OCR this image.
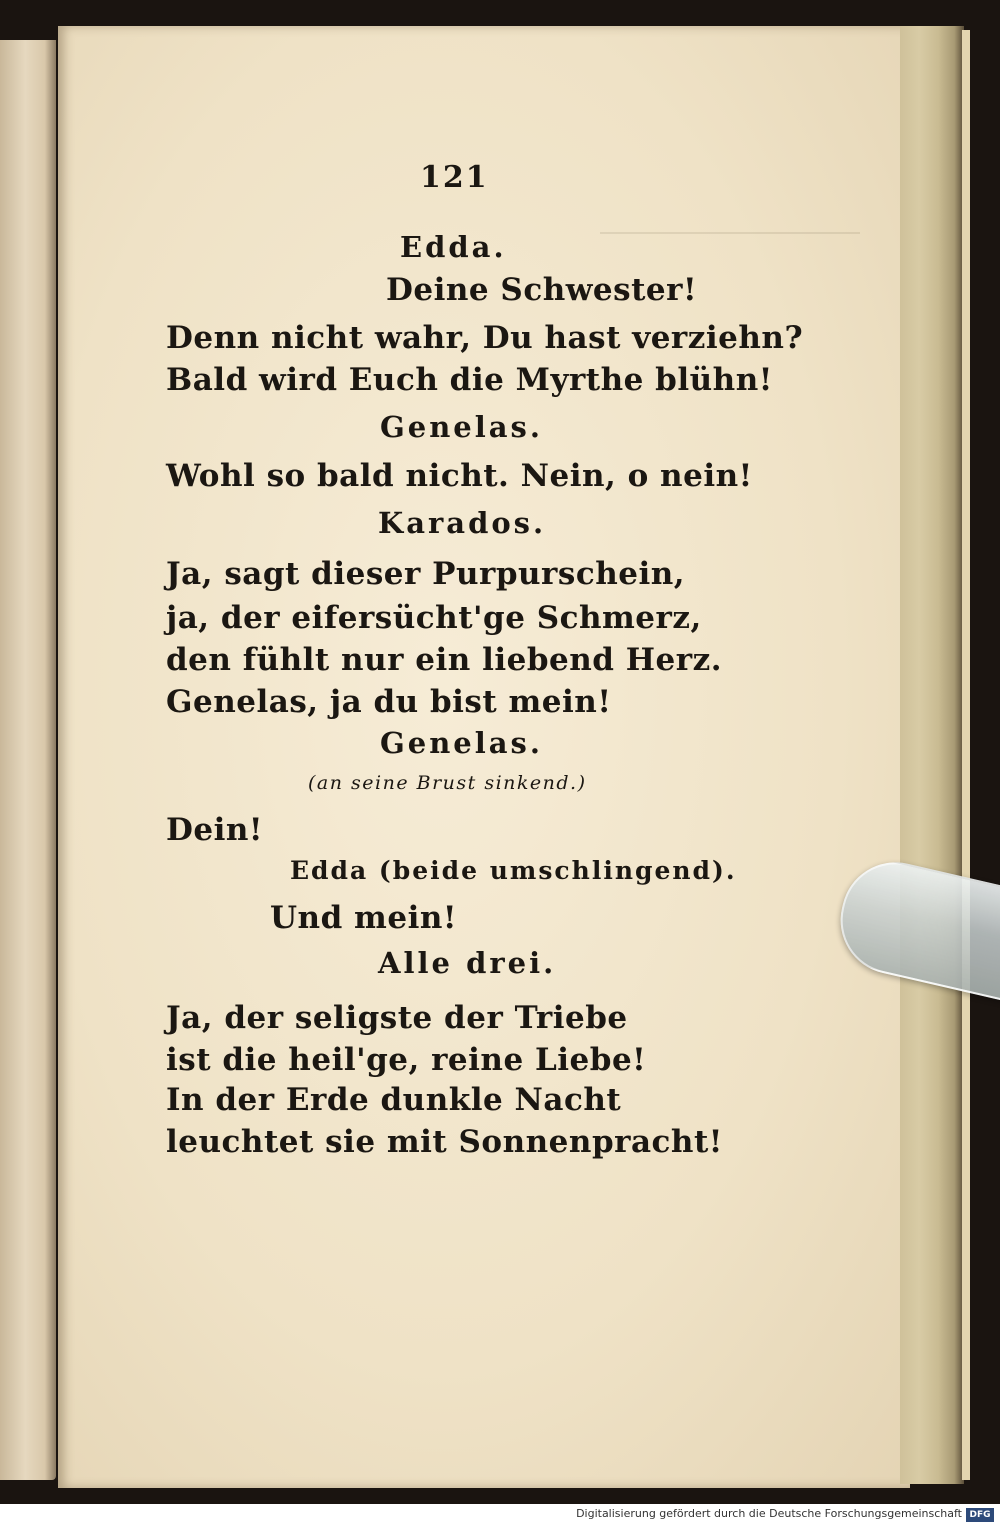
121
Edda.
Deine Schwester!
Denn nicht wahr, Du hast verziehn?
Bald wird Euch die Myrthe blühn!
Genelas.
Wohl so bald nicht. Nein, o nein!
Karados.
Ja, sagt dieser Purpurschein,
ja, der eifersücht'ge Schmerz,
den fühlt nur ein liebend Herz.
Genelas, ja du bist mein!
Genelas.
(an seine Brust sinkend.)
Dein!
Edda (beide umschlingend).
Und mein!
Alle drei.
Ja, der seligste der Triebe
ist die heil'ge, reine Liebe!
In der Erde dunkle Nacht
leuchtet sie mit Sonnenpracht!
Digitalisierung gefördert durch die Deutsche Forschungsgemeinschaft DFG
